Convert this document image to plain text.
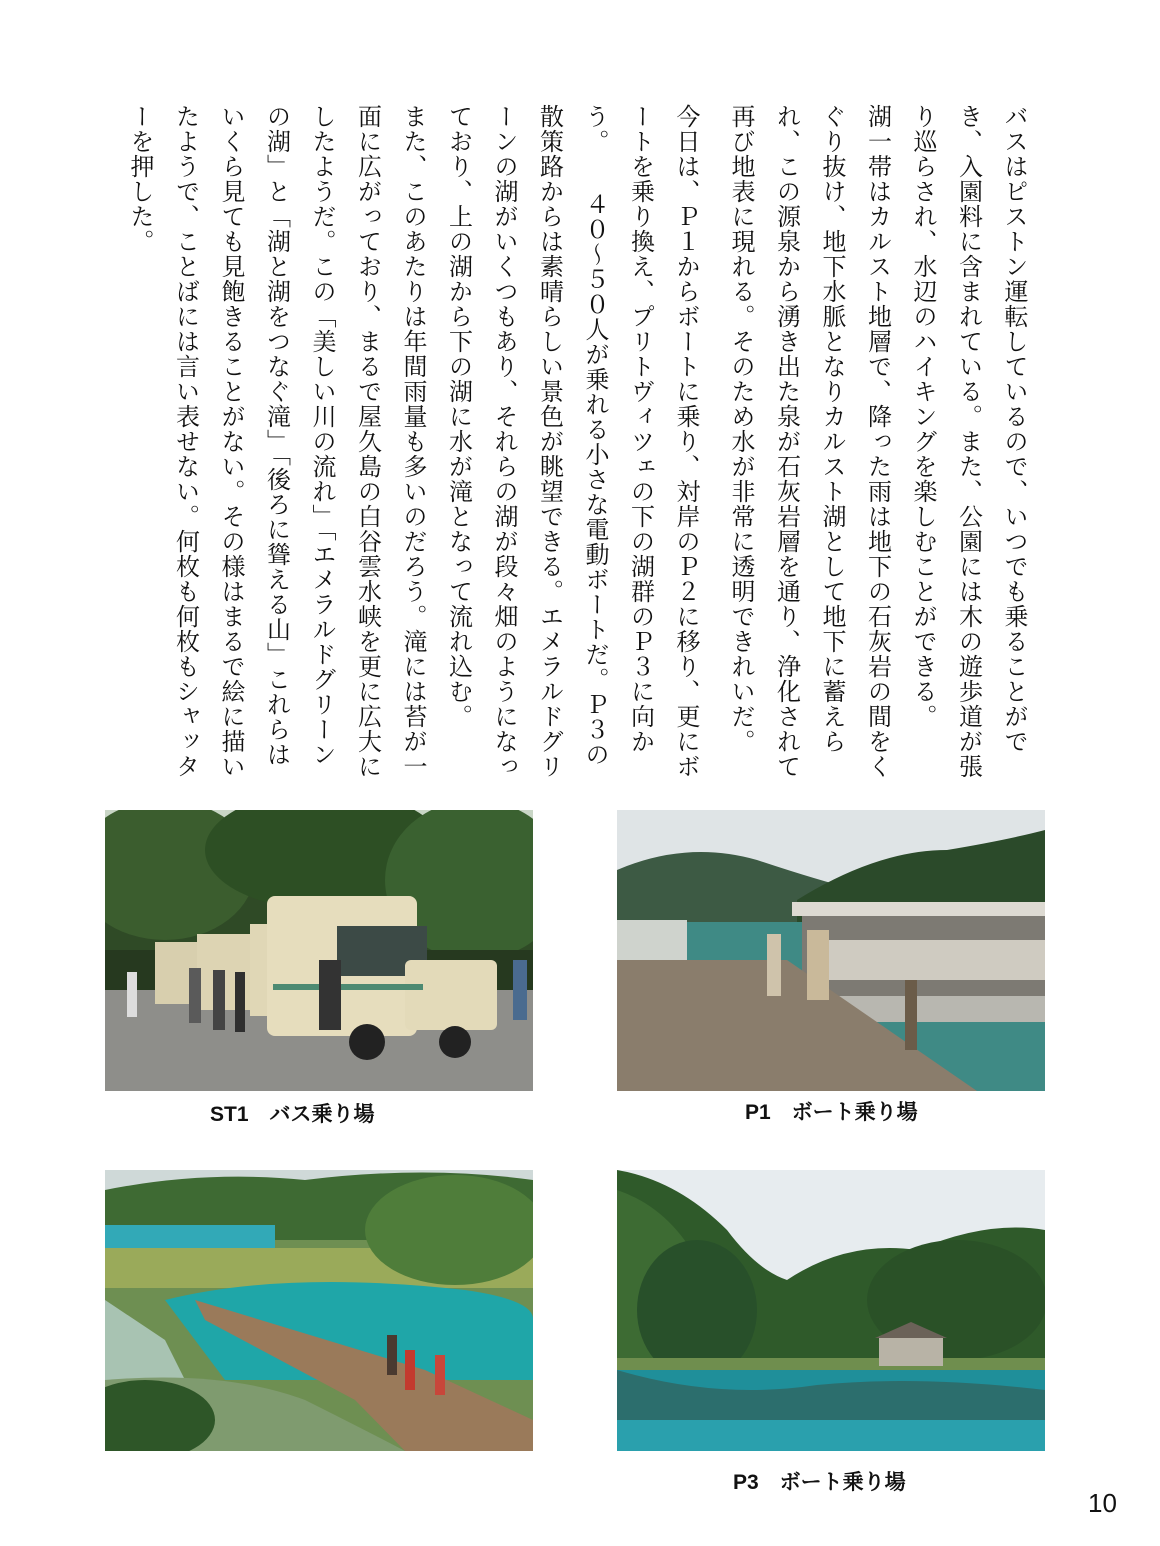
バスはピストン運転しているので、いつでも乗ることができ、入園料に含まれている。また、公園には木の遊歩道が張り巡らされ、水辺のハイキングを楽しむことができる。

湖一帯はカルスト地層で、降った雨は地下の石灰岩の間をくぐり抜け、地下水脈となりカルスト湖として地下に蓄えられ、この源泉から湧き出た泉が石灰岩層を通り、浄化されて再び地表に現れる。そのため水が非常に透明できれいだ。

今日は、Ｐ１からボートに乗り、対岸のＰ２に移り、更にボートを乗り換え、プリトヴィツェの下の湖群のＰ３に向かう。　　４０～５０人が乗れる小さな電動ボートだ。Ｐ３の散策路からは素晴らしい景色が眺望できる。エメラルドグリーンの湖がいくつもあり、それらの湖が段々畑のようになっており、上の湖から下の湖に水が滝となって流れ込む。

また、このあたりは年間雨量も多いのだろう。滝には苔が一面に広がっており、まるで屋久島の白谷雲水峡を更に広大にしたようだ。この「美しい川の流れ」「エメラルドグリーンの湖」と「湖と湖をつなぐ滝」「後ろに聳える山」これらはいくら見ても見飽きることがない。その様はまるで絵に描いたようで、ことばには言い表せない。何枚も何枚もシャッターを押した。

ST1　バス乗り場	P1　ボート乗り場
P3　ボート乗り場
10
